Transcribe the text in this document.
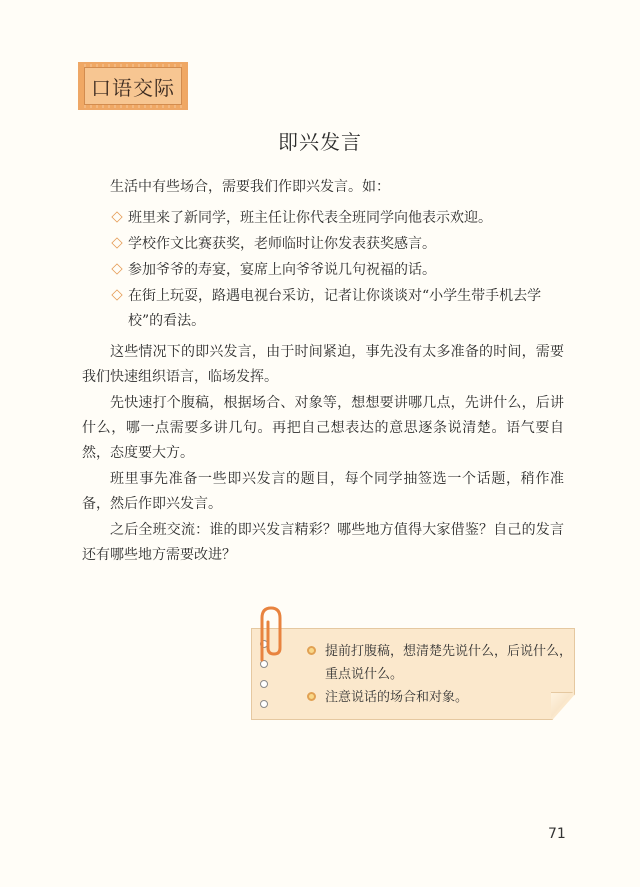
口语交际
即兴发言
生活中有些场合，需要我们作即兴发言。如：
班里来了新同学，班主任让你代表全班同学向他表示欢迎。
学校作文比赛获奖，老师临时让你发表获奖感言。
参加爷爷的寿宴，宴席上向爷爷说几句祝福的话。
在街上玩耍，路遇电视台采访，记者让你谈谈对“小学生带手机去学校”的看法。

这些情况下的即兴发言，由于时间紧迫，事先没有太多准备的时间，需要我们快速组织语言，临场发挥。

先快速打个腹稿，根据场合、对象等，想想要讲哪几点，先讲什么，后讲什么，哪一点需要多讲几句。再把自己想表达的意思逐条说清楚。语气要自然，态度要大方。

班里事先准备一些即兴发言的题目，每个同学抽签选一个话题，稍作准备，然后作即兴发言。

之后全班交流：谁的即兴发言精彩？哪些地方值得大家借鉴？自己的发言还有哪些地方需要改进？

提前打腹稿，想清楚先说什么，后说什么，重点说什么。
注意说话的场合和对象。
71
